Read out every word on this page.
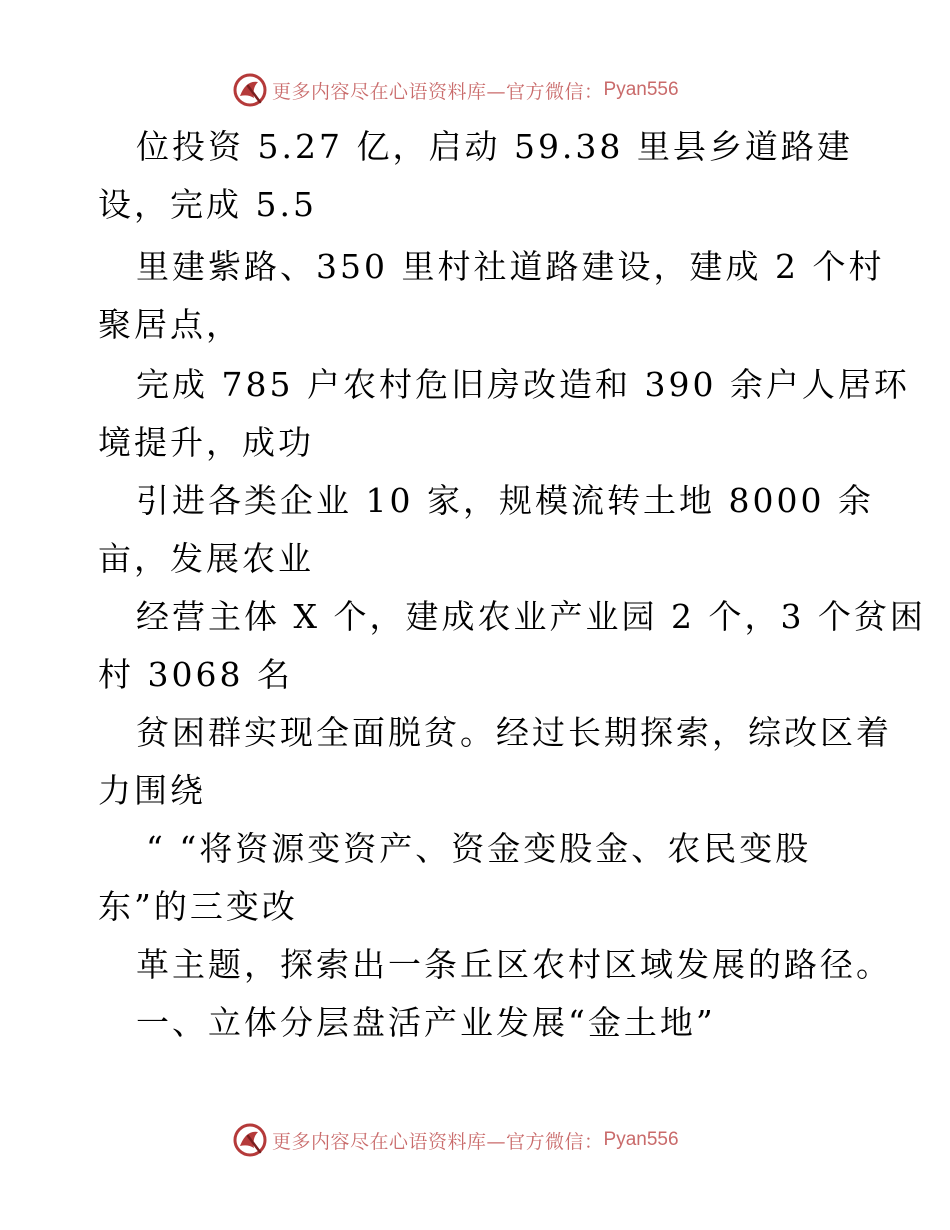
更多内容尽在心语资料库—官方微信： Pyan556
位投资 5.27 亿，启动 59.38 里县乡道路建
设，完成 5.5
里建紫路、350 里村社道路建设，建成 2 个村
聚居点，
完成 785 户农村危旧房改造和 390 余户人居环
境提升，成功
引进各类企业 10 家，规模流转土地 8000 余
亩，发展农业
经营主体 X 个，建成农业产业园 2 个，3 个贫困
村 3068 名
贫困群实现全面脱贫。经过长期探索，综改区着
力围绕
“ “将资源变资产、资金变股金、农民变股
东”的三变改
革主题，探索出一条丘区农村区域发展的路径。
一、立体分层盘活产业发展“金土地”
更多内容尽在心语资料库—官方微信： Pyan556
